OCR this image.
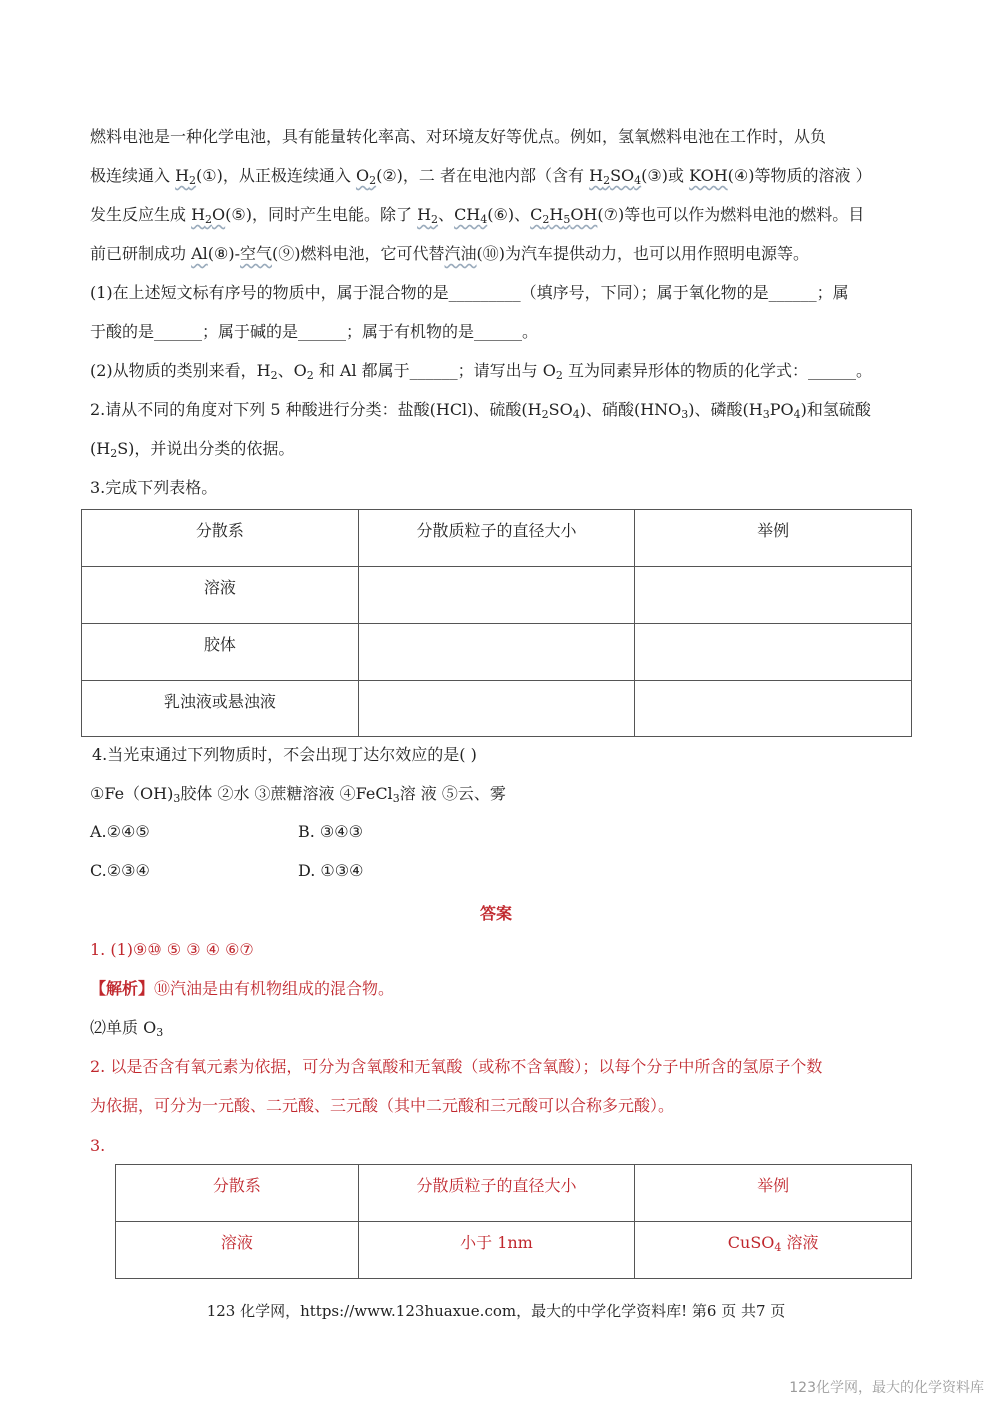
燃料电池是一种化学电池，具有能量转化率高、对环境友好等优点。例如，氢氧燃料电池在工作时，从负
极连续通入 $H_2(①)$，从正极连续通入 $O_2(②)$，二 者在电池内部（含有 $H_2SO_4(③)$或 KOH(④)等物质的溶液 ）
发生反应生成 $H_2O(⑤)$，同时产生电能。除了 $H_2$、$CH_4(⑥)$、$C_2H_5OH(⑦)$等也可以作为燃料电池的燃料。目
前已研制成功 Al(⑧)-空气(⑨)燃料电池，它可代替汽油(⑩)为汽车提供动力，也可以用作照明电源等。
(1)在上述短文标有序号的物质中，属于混合物的是_________（填序号，下同）；属于氧化物的是______；属
于酸的是______；属于碱的是______；属于有机物的是______。
(2)从物质的类别来看，$H_2$、$O_2$ 和 Al 都属于______；请写出与 $O_2$ 互为同素异形体的物质的化学式：______。
2.请从不同的角度对下列 5 种酸进行分类：盐酸(HCl)、硫酸$(H_2SO_4)$、硝酸$(HNO_3)$、磷酸$(H_3PO_4)$和氢硫酸
$(H_2S)$，并说出分类的依据。
3.完成下列表格。
分散系	分散质粒子的直径大小	举例
溶液		
胶体		
乳浊液或悬浊液		
4.当光束通过下列物质时，不会出现丁达尔效应的是( )
$①Fe(OH)_3$胶体 ②水 ③蔗糖溶液 ④FeCl$_3$溶 液 ⑤云、雾
A.②④⑤	B. ③④③
C.②③④	D. ①③④
答案
1. (1)⑨⑩ ⑤ ③ ④ ⑥⑦
【解析】⑩汽油是由有机物组成的混合物。
⑵单质 $O_3$
2. 以是否含有氧元素为依据，可分为含氧酸和无氧酸（或称不含氧酸）；以每个分子中所含的氢原子个数
为依据，可分为一元酸、二元酸、三元酸（其中二元酸和三元酸可以合称多元酸）。
3.
分散系	分散质粒子的直径大小	举例
溶液	小于 1nm	CuSO$_4$ 溶液
123 化学网，https://www.123huaxue.com，最大的中学化学资料库! 第6 页 共7 页
123化学网，最大的化学资料库
